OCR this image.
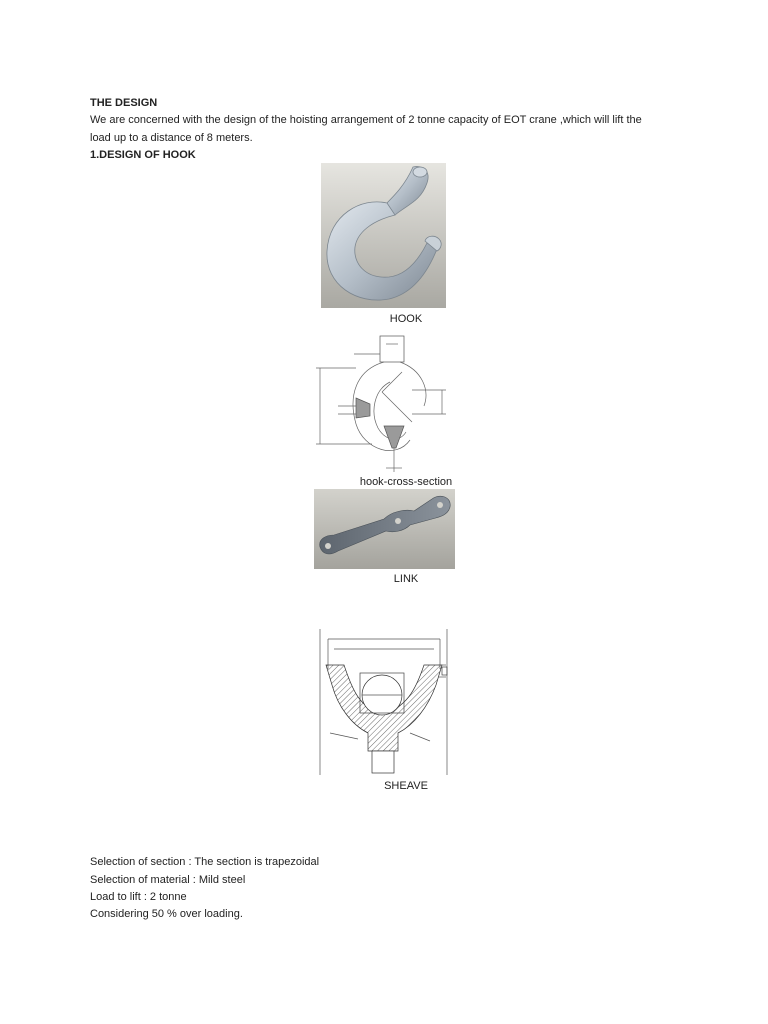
THE DESIGN
We are concerned with the design of the hoisting arrangement of 2 tonne capacity of EOT crane ,which will lift the
load up to a distance of 8 meters.
1.DESIGN OF HOOK
HOOK
hook-cross-section
LINK
SHEAVE
Selection of section : The section is trapezoidal
Selection of material : Mild steel
Load to lift : 2 tonne
Considering 50 % over loading.
